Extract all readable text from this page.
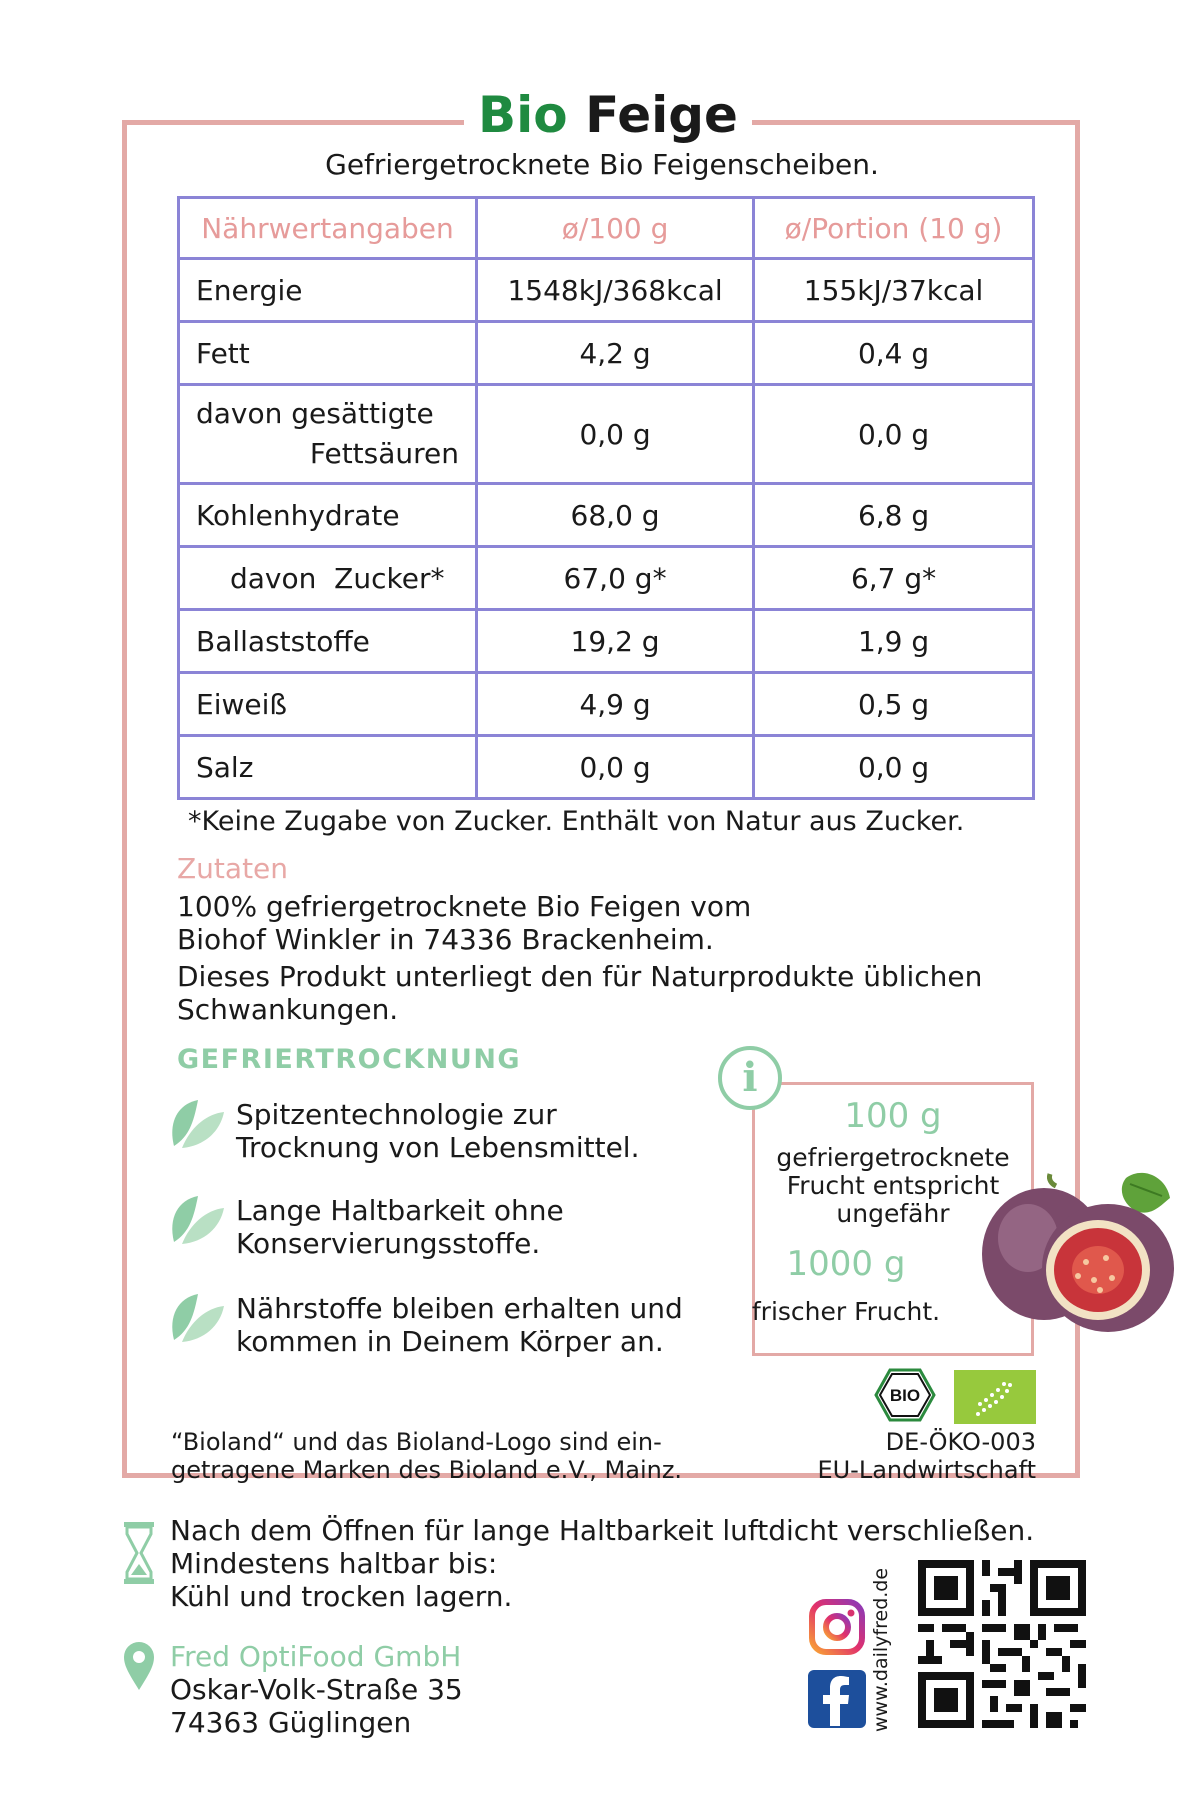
Bio Feige
Gefriergetrocknete Bio Feigenscheiben.
Nährwertangaben	ø/100 g	ø/Portion (10 g)
Energie	1548kJ/368kcal	155kJ/37kcal
Fett	4,2 g	0,4 g

davon gesättigte
Fettsäuren	0,0 g	0,0 g
Kohlenhydrate	68,0 g	6,8 g
davon  Zucker*	67,0 g*	6,7 g*
Ballaststoffe	19,2 g	1,9 g
Eiweiß	4,9 g	0,5 g
Salz	0,0 g	0,0 g
*Keine Zugabe von Zucker. Enthält von Natur aus Zucker.
Zutaten
100% gefriergetrocknete Bio Feigen vom
Biohof Winkler in 74336 Brackenheim.
Dieses Produkt unterliegt den für Naturprodukte üblichen
Schwankungen.
GEFRIERTROCKNUNG
Spitzentechnologie zur
Trocknung von Lebensmittel.
Lange Haltbarkeit ohne
Konservierungsstoffe.
Nährstoffe bleiben erhalten und
kommen in Deinem Körper an.
i
100 g
gefriergetrocknete
Frucht entspricht
ungefähr
1000 g
frischer Frucht.
BIO
“Bioland“ und das Bioland-Logo sind ein-
getragene Marken des Bioland e.V., Mainz.
DE-ÖKO-003
EU-Landwirtschaft
Nach dem Öffnen für lange Haltbarkeit luftdicht verschließen.
Mindestens haltbar bis:
Kühl und trocken lagern.
Fred OptiFood GmbH
Oskar-Volk-Straße 35
74363 Güglingen	www.dailyfred.de
